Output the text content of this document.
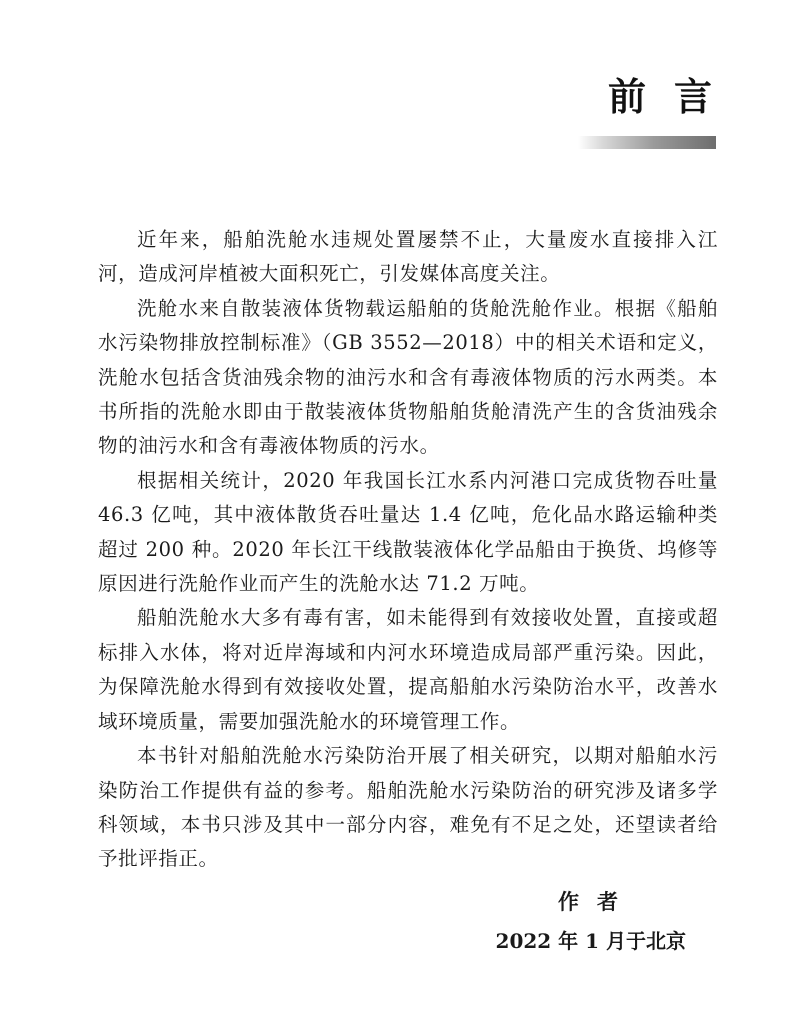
前言

近年来，船舶洗舱水违规处置屡禁不止，大量废水直接排入江河，造成河岸植被大面积死亡，引发媒体高度关注。

洗舱水来自散装液体货物载运船舶的货舱洗舱作业。根据《船舶水污染物排放控制标准》（GB 3552—2018）中的相关术语和定义，洗舱水包括含货油残余物的油污水和含有毒液体物质的污水两类。本书所指的洗舱水即由于散装液体货物船舶货舱清洗产生的含货油残余物的油污水和含有毒液体物质的污水。

根据相关统计，2020 年我国长江水系内河港口完成货物吞吐量 46.3 亿吨，其中液体散货吞吐量达 1.4 亿吨，危化品水路运输种类超过 200 种。2020 年长江干线散装液体化学品船由于换货、坞修等原因进行洗舱作业而产生的洗舱水达 71.2 万吨。

船舶洗舱水大多有毒有害，如未能得到有效接收处置，直接或超标排入水体，将对近岸海域和内河水环境造成局部严重污染。因此，为保障洗舱水得到有效接收处置，提高船舶水污染防治水平，改善水域环境质量，需要加强洗舱水的环境管理工作。

本书针对船舶洗舱水污染防治开展了相关研究，以期对船舶水污染防治工作提供有益的参考。船舶洗舱水污染防治的研究涉及诸多学科领域，本书只涉及其中一部分内容，难免有不足之处，还望读者给予批评指正。

作者
2022 年 1 月于北京
